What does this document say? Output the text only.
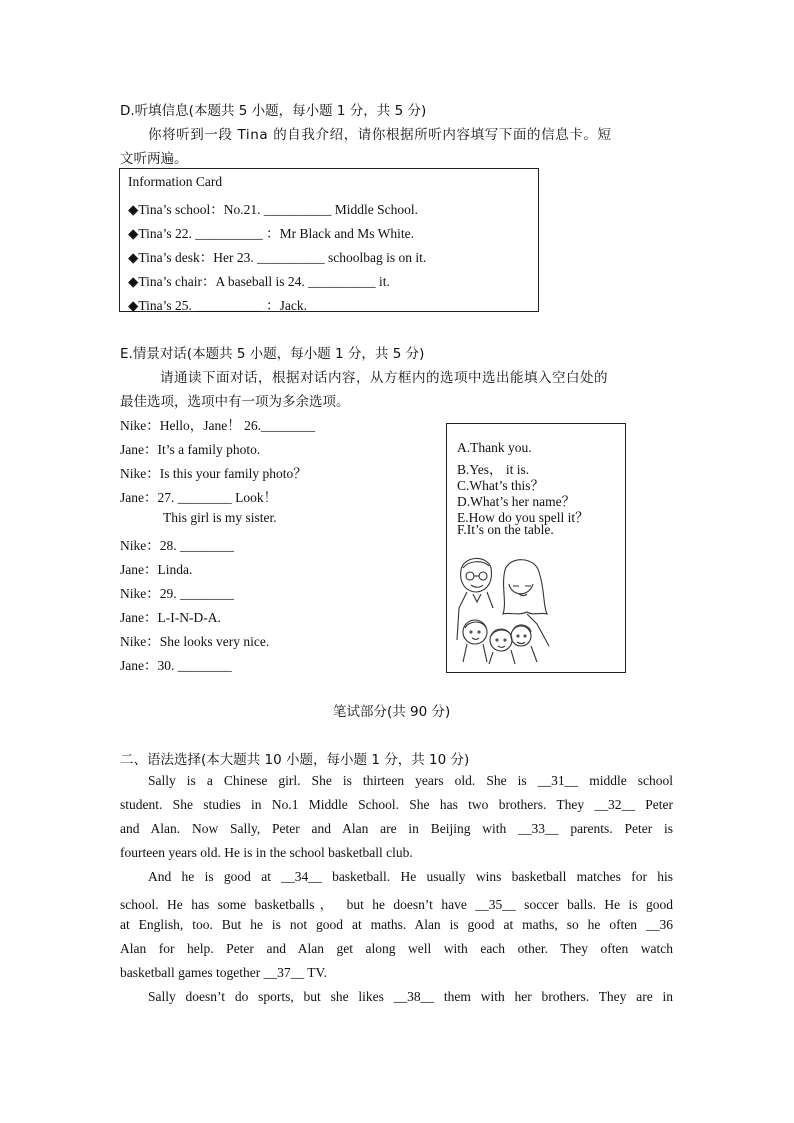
D.听填信息(本题共 5 小题，每小题 1 分，共 5 分)
你将听到一段 Tina 的自我介绍，请你根据所听内容填写下面的信息卡。短
文听两遍。
Information Card
◆Tina’s school：No.21. __________ Middle School.
◆Tina’s 22. __________ ：Mr Black and Ms White.
◆Tina’s desk：Her 23. __________ schoolbag is on it.
◆Tina’s chair：A baseball is 24. __________ it.
◆Tina’s 25. __________ ：Jack.
E.情景对话(本题共 5 小题，每小题 1 分，共 5 分)
请通读下面对话，根据对话内容，从方框内的选项中选出能填入空白处的
最佳选项，选项中有一项为多余选项。
Nike：Hello，Jane！ 26.________
Jane：It’s a family photo.
Nike：Is this your family photo？
Jane：27. ________ Look！
This girl is my sister.
Nike：28. ________
Jane：Linda.
Nike：29. ________
Jane：L-I-N-D-A.
Nike：She looks very nice.
Jane：30. ________
A.Thank you.
B.Yes， it is.
C.What’s this？
D.What’s her name？
E.How do you spell it？
F.It’s on the table.
笔试部分(共 90 分)
二、语法选择(本大题共 10 小题，每小题 1 分，共 10 分)
Sally is a Chinese girl. She is thirteen years old. She is __31__ middle school
student. She studies in No.1 Middle School. She has two brothers. They __32__ Peter
and Alan. Now Sally, Peter and Alan are in Beijing with __33__ parents. Peter is
fourteen years old. He is in the school basketball club.
And he is good at __34__ basketball. He usually wins basketball matches for his
school. He has some basketballs， but he doesn’t have __35__ soccer balls. He is good
at English, too. But he is not good at maths. Alan is good at maths, so he often __36
Alan for help. Peter and Alan get along well with each other. They often watch
basketball games together __37__ TV.
Sally doesn’t do sports, but she likes __38__ them with her brothers. They are in
